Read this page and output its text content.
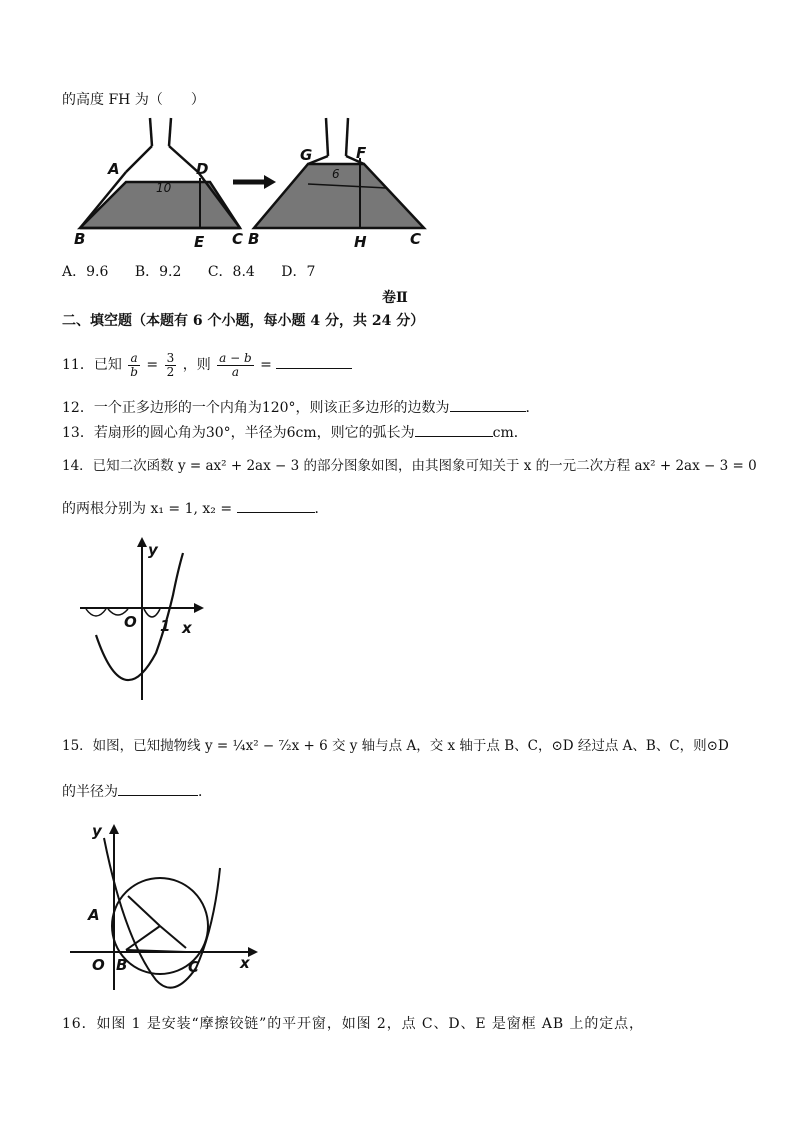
的高度 FH 为（　　）
A	D
B	E C
10
G	F
B	H	C
6
A．9.6 B．9.2 C．8.4 D．7
卷Ⅱ
二、填空题（本题有 6 个小题，每小题 4 分，共 24 分）
11．已知 $\frac{a}{b} = \frac{3}{2}$ ，则 $\frac{a - b}{a}$ =
12．一个正多边形的一个内角为120°，则该正多边形的边数为	．
13．若扇形的圆心角为30°，半径为6cm，则它的弧长为	cm．
14．已知二次函数 y = ax² + 2ax − 3 的部分图象如图，由其图象可知关于 x 的一元二次方程 ax² + 2ax − 3 = 0
的两根分别为 x₁ = 1, x₂ =	．
y
O 1 x
15．如图，已知抛物线 y = ¼x² − ⁷⁄₂x + 6 交 y 轴与点 A，交 x 轴于点 B、C，⊙D 经过点 A、B、C，则⊙D
的半径为	．
y
A
O B	C	x
16．如图 1 是安装“摩擦铰链”的平开窗，如图 2，点 C、D、E 是窗框 AB 上的定点，
